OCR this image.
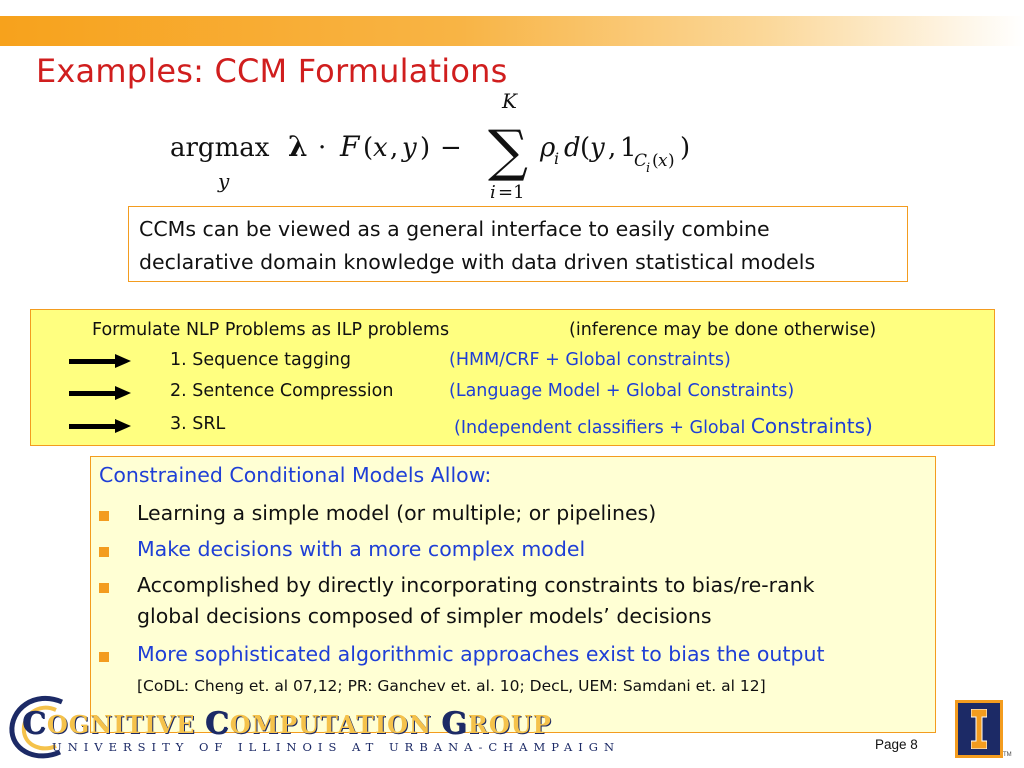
Examples: CCM Formulations
argmax
y
λ · F ( x , y ) −
K
∑
i =1
ρ
i d ( y , 1
C
i ( x ) )
CCMs can be viewed as a general interface to easily combine
declarative domain knowledge with data driven statistical models
Formulate NLP Problems as ILP problems	(inference may be done otherwise)
1. Sequence tagging	(HMM/CRF + Global constraints)
2. Sentence Compression	(Language Model + Global Constraints)
3. SRL	(Independent classifiers + Global Constraints)
Constrained Conditional Models Allow:
Learning a simple model (or multiple; or pipelines)
Make decisions with a more complex model
Accomplished by directly incorporating constraints to bias/re-rank
global decisions composed of simpler models’ decisions
More sophisticated algorithmic approaches exist to bias the output
[CoDL: Cheng et. al 07,12; PR: Ganchev et. al. 10; DecL, UEM: Samdani et. al 12]
COGNITIVE COMPUTATION GROUP
UNIVERSITY OF ILLINOIS AT URBANA-CHAMPAIGN	Page 8
TM
